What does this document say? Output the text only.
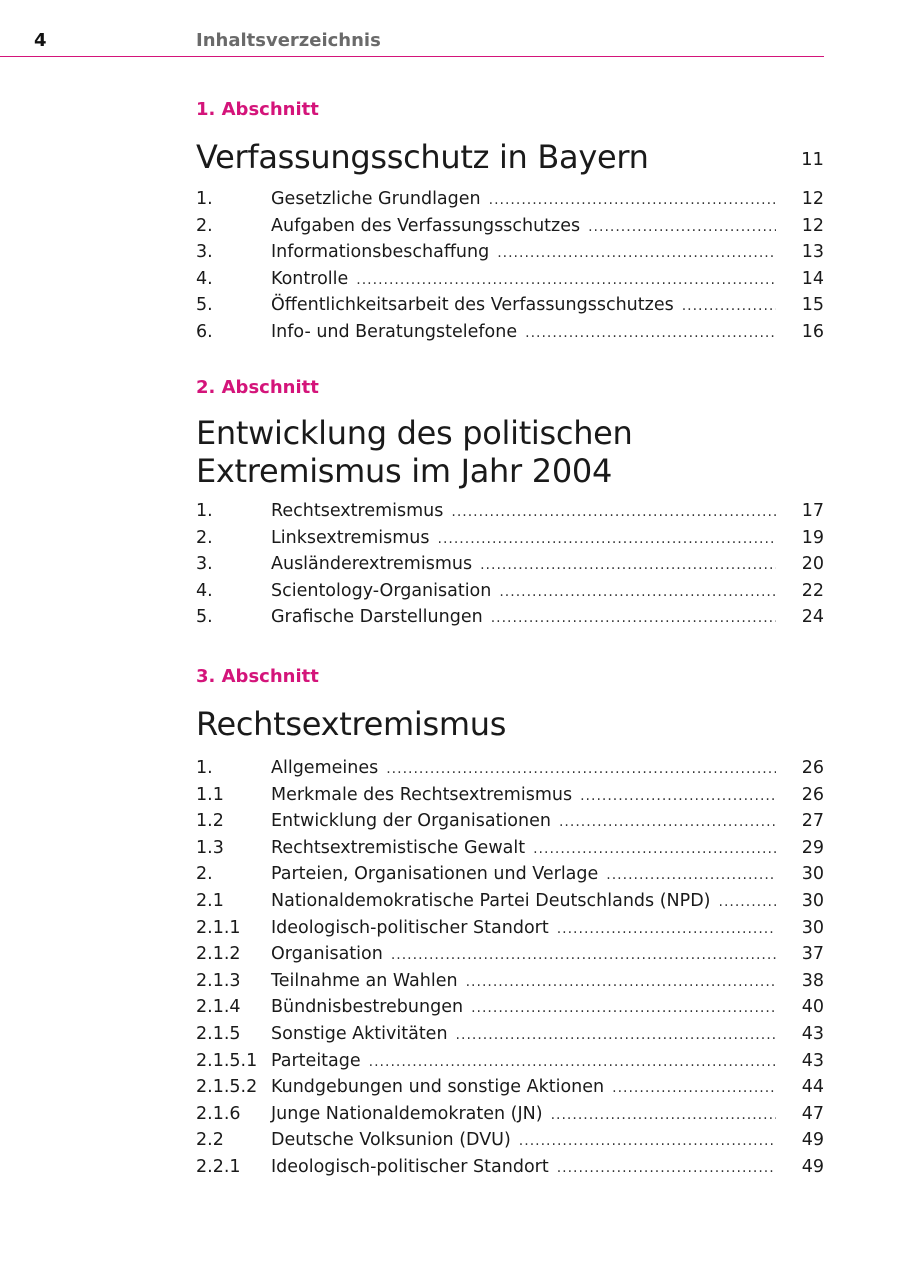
4	Inhaltsverzeichnis
1. Abschnitt
Verfassungsschutz in Bayern	11
1.	Gesetzliche Grundlagen .....	12
2.	Aufgaben des Verfassungsschutzes .....	12
3.	Informationsbeschaffung .....	13
4.	Kontrolle .....	14
5.	Öffentlichkeitsarbeit des Verfassungsschutzes .....	15
6.	Info- und Beratungstelefone .....	16
2. Abschnitt
Entwicklung des politischen
Extremismus im Jahr 2004
1.	Rechtsextremismus .....	17
2.	Linksextremismus .....	19
3.	Ausländerextremismus .....	20
4.	Scientology-Organisation .....	22
5.	Grafische Darstellungen .....	24
3. Abschnitt
Rechtsextremismus
1.	Allgemeines .....	26
1.1	Merkmale des Rechtsextremismus .....	26
1.2	Entwicklung der Organisationen .....	27
1.3	Rechtsextremistische Gewalt .....	29
2.	Parteien, Organisationen und Verlage .....	30
2.1	Nationaldemokratische Partei Deutschlands (NPD) .....	30
2.1.1	Ideologisch-politischer Standort .....	30
2.1.2	Organisation .....	37
2.1.3	Teilnahme an Wahlen .....	38
2.1.4	Bündnisbestrebungen .....	40
2.1.5	Sonstige Aktivitäten .....	43
2.1.5.1 Parteitage .....	43
2.1.5.2 Kundgebungen und sonstige Aktionen .....	44
2.1.6	Junge Nationaldemokraten (JN) .....	47
2.2	Deutsche Volksunion (DVU) .....	49
2.2.1	Ideologisch-politischer Standort .....	49
